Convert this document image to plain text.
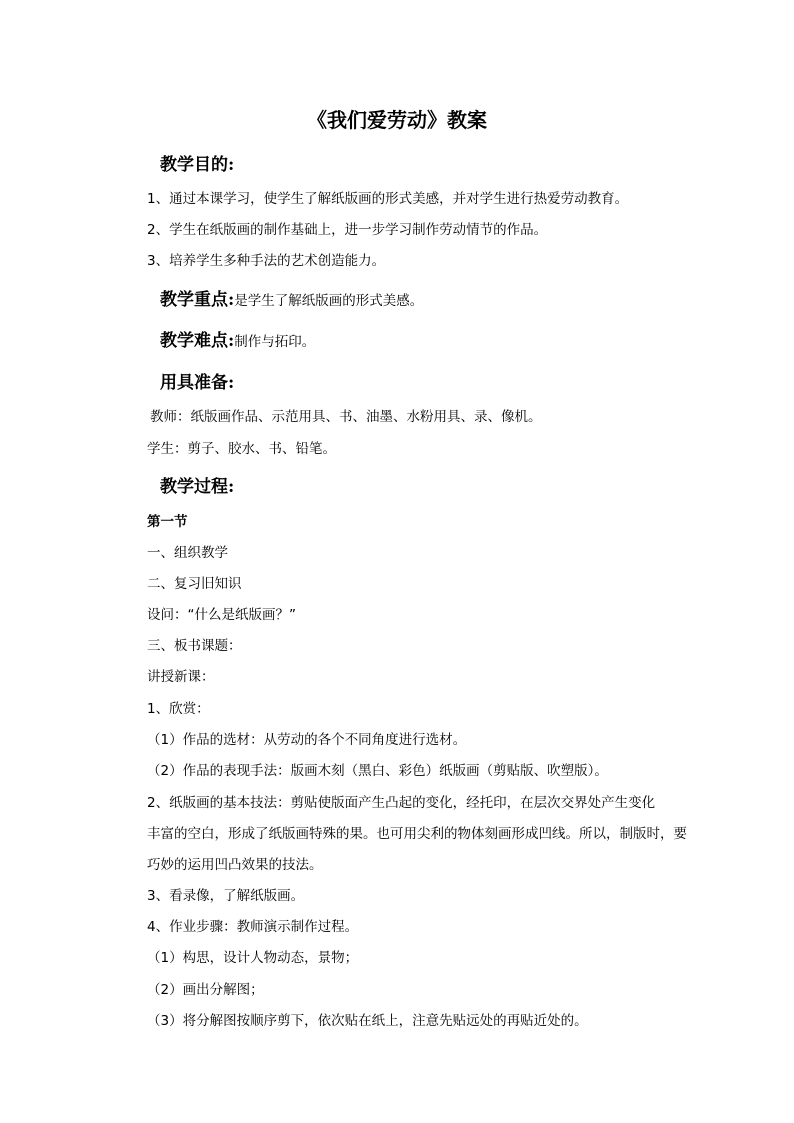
《我们爱劳动》教案
教学目的:
1、通过本课学习，使学生了解纸版画的形式美感，并对学生进行热爱劳动教育。
2、学生在纸版画的制作基础上，进一步学习制作劳动情节的作品。
3、培养学生多种手法的艺术创造能力。
教学重点:是学生了解纸版画的形式美感。
教学难点:制作与拓印。
用具准备:
教师：纸版画作品、示范用具、书、油墨、水粉用具、录、像机。
学生：剪子、胶水、书、铅笔。
教学过程:
第一节
一、组织教学
二、复习旧知识
设问：“什么是纸版画？”
三、板书课题：
讲授新课：
1、欣赏：
（1）作品的选材：从劳动的各个不同角度进行选材。
（2）作品的表现手法：版画木刻（黑白、彩色）纸版画（剪贴版、吹塑版）。
2、纸版画的基本技法：剪贴使版面产生凸起的变化，经托印，在层次交界处产生变化
丰富的空白，形成了纸版画特殊的果。也可用尖利的物体刻画形成凹线。所以，制版时，要
巧妙的运用凹凸效果的技法。
3、看录像，了解纸版画。
4、作业步骤：教师演示制作过程。
（1）构思，设计人物动态，景物；
（2）画出分解图；
（3）将分解图按顺序剪下，依次贴在纸上，注意先贴远处的再贴近处的。
